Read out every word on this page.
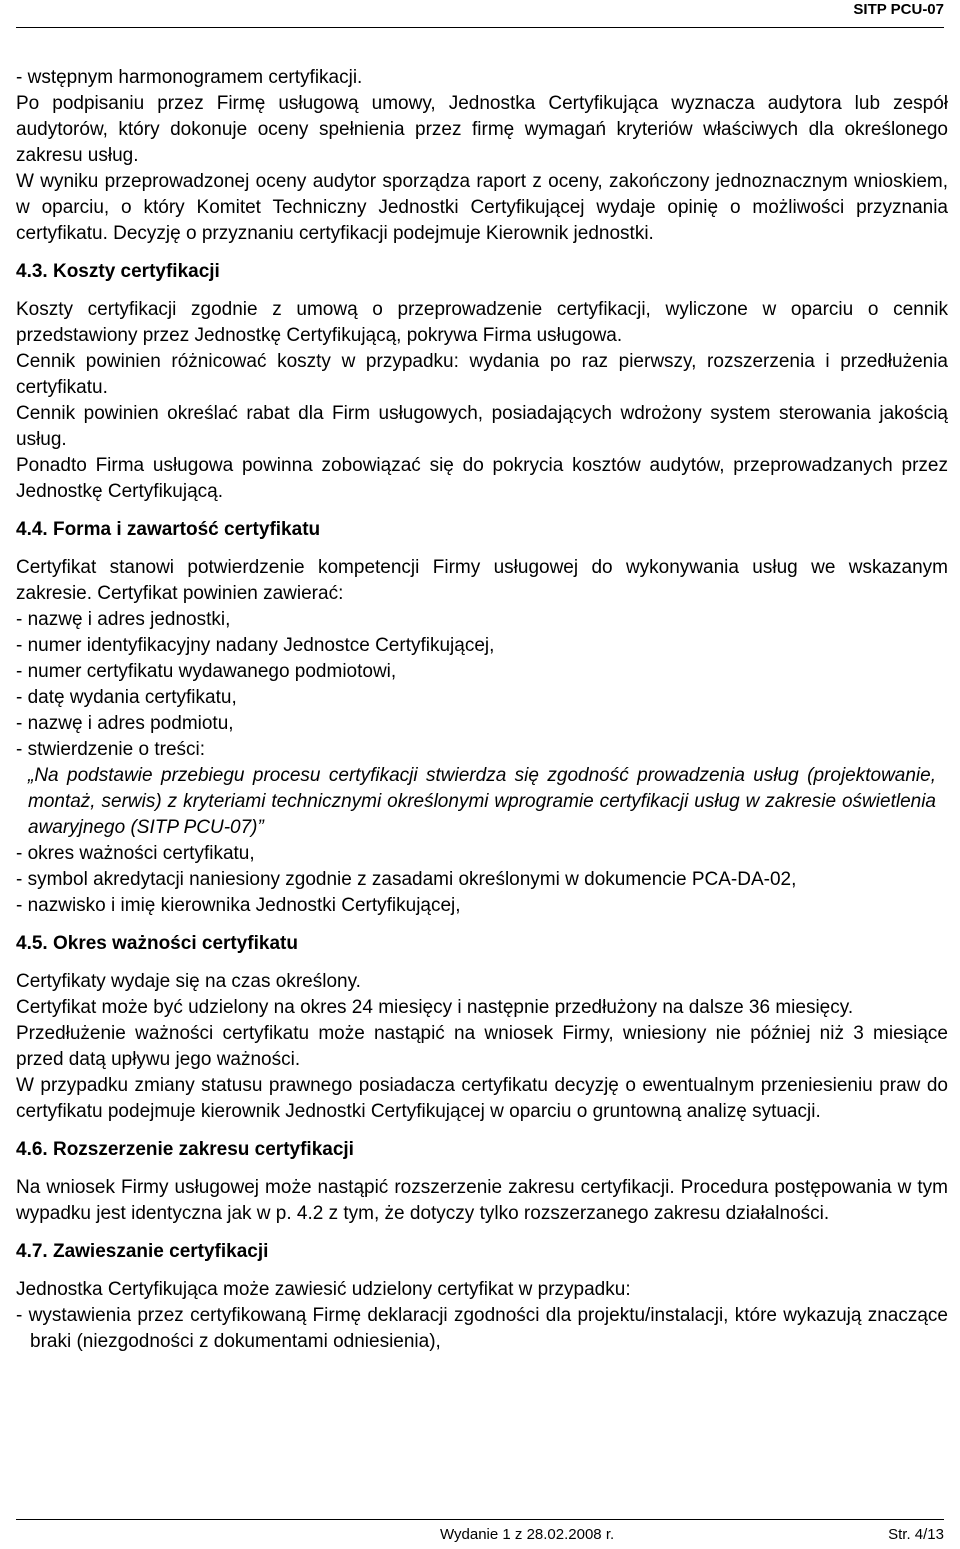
SITP PCU-07

- wstępnym harmonogramem certyfikacji.

Po podpisaniu przez Firmę usługową umowy, Jednostka Certyfikująca wyznacza audytora lub zespół audytorów, który dokonuje oceny spełnienia przez firmę wymagań kryteriów właściwych dla określonego zakresu usług.

W wyniku przeprowadzonej oceny audytor sporządza raport z oceny, zakończony jednoznacznym wnioskiem, w oparciu, o który Komitet Techniczny Jednostki Certyfikującej wydaje opinię o możliwości przyznania certyfikatu. Decyzję o przyznaniu certyfikacji podejmuje Kierownik jednostki.

4.3. Koszty certyfikacji

Koszty certyfikacji zgodnie z umową o przeprowadzenie certyfikacji, wyliczone w oparciu o cennik przedstawiony przez Jednostkę Certyfikującą, pokrywa Firma usługowa.

Cennik powinien różnicować koszty w przypadku: wydania po raz pierwszy, rozszerzenia i przedłużenia certyfikatu.

Cennik powinien określać rabat dla Firm usługowych, posiadających wdrożony system sterowania jakością usług.

Ponadto Firma usługowa powinna zobowiązać się do pokrycia kosztów audytów, przeprowadzanych przez Jednostkę Certyfikującą.

4.4. Forma i zawartość certyfikatu

Certyfikat stanowi potwierdzenie kompetencji Firmy usługowej do wykonywania usług we wskazanym zakresie. Certyfikat powinien zawierać:

- nazwę i adres jednostki,
- numer identyfikacyjny nadany Jednostce Certyfikującej,
- numer certyfikatu wydawanego podmiotowi,
- datę wydania certyfikatu,
- nazwę i adres podmiotu,
- stwierdzenie o treści:

„Na podstawie przebiegu procesu certyfikacji stwierdza się zgodność prowadzenia usług (projektowanie, montaż, serwis) z kryteriami technicznymi określonymi wprogramie certyfikacji usług w zakresie oświetlenia awaryjnego (SITP PCU-07)”

- okres ważności certyfikatu,
- symbol akredytacji naniesiony zgodnie z zasadami określonymi w dokumencie PCA-DA-02,
- nazwisko i imię kierownika Jednostki Certyfikującej,
4.5. Okres ważności certyfikatu

Certyfikaty wydaje się na czas określony.

Certyfikat może być udzielony na okres 24 miesięcy i następnie przedłużony na dalsze 36 miesięcy.

Przedłużenie ważności certyfikatu może nastąpić na wniosek Firmy, wniesiony nie później niż 3 miesiące przed datą upływu jego ważności.

W przypadku zmiany statusu prawnego posiadacza certyfikatu decyzję o ewentualnym przeniesieniu praw do certyfikatu podejmuje kierownik Jednostki Certyfikującej w oparciu o gruntowną analizę sytuacji.

4.6. Rozszerzenie zakresu certyfikacji

Na wniosek Firmy usługowej może nastąpić rozszerzenie zakresu certyfikacji. Procedura postępowania w tym wypadku jest identyczna jak w p. 4.2 z tym, że dotyczy tylko rozszerzanego zakresu działalności.

4.7. Zawieszanie certyfikacji

Jednostka Certyfikująca może zawiesić udzielony certyfikat w przypadku:

- wystawienia przez certyfikowaną Firmę deklaracji zgodności dla projektu/instalacji, które wykazują znaczące braki (niezgodności z dokumentami odniesienia),

Wydanie 1 z 28.02.2008 r.	Str. 4/13
